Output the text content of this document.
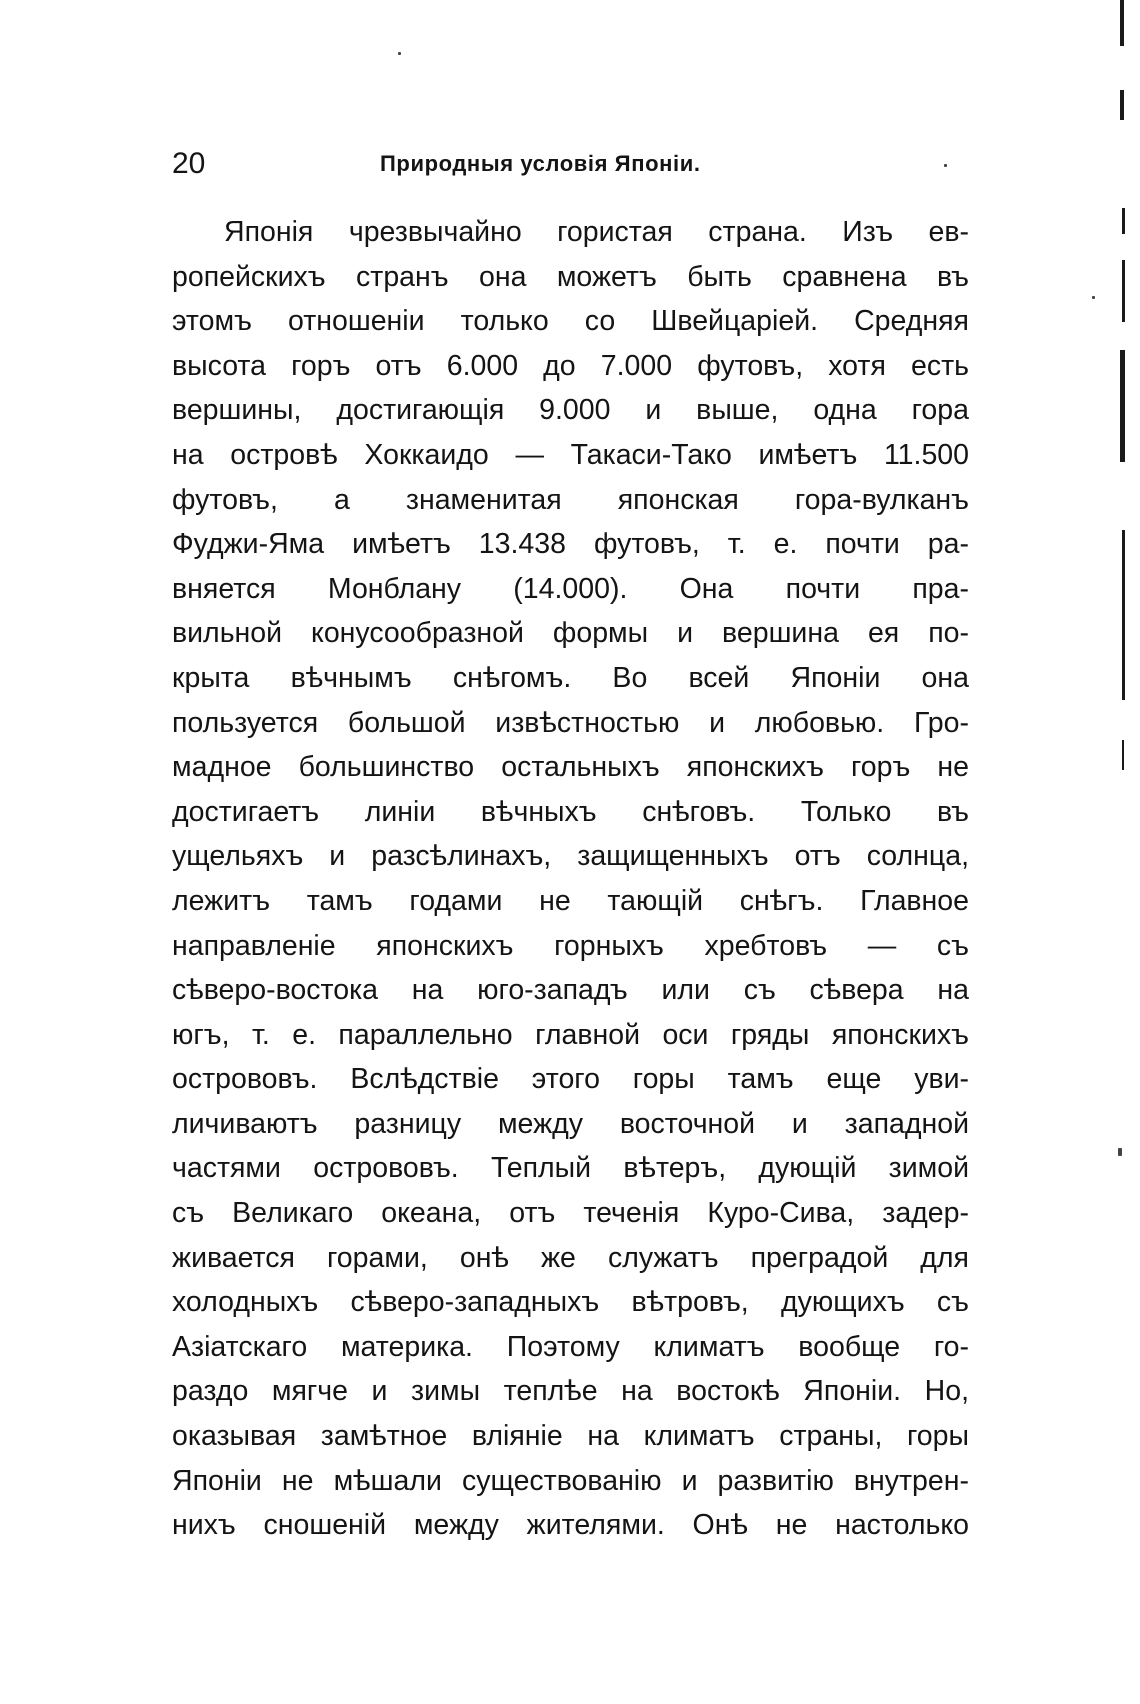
20	Природныя условія Японіи.
Японія чрезвычайно гористая страна. Изъ ев-
ропейскихъ странъ она можетъ быть сравнена въ
этомъ отношеніи только со Швейцаріей. Средняя
высота горъ отъ 6.000 до 7.000 футовъ, хотя есть
вершины, достигающія 9.000 и выше, одна гора
на островѣ Хоккаидо — Такаси-Тако имѣетъ 11.500
футовъ, а знаменитая японская гора-вулканъ
Фуджи-Яма имѣетъ 13.438 футовъ, т. е. почти ра-
вняется Монблану (14.000). Она почти пра-
вильной конусообразной формы и вершина ея по-
крыта вѣчнымъ снѣгомъ. Во всей Японіи она
пользуется большой извѣстностью и любовью. Гро-
мадное большинство остальныхъ японскихъ горъ не
достигаетъ линіи вѣчныхъ снѣговъ. Только въ
ущельяхъ и разсѣлинахъ, защищенныхъ отъ солнца,
лежитъ тамъ годами не тающій снѣгъ. Главное
направленіе японскихъ горныхъ хребтовъ — съ
сѣверо-востока на юго-западъ или съ сѣвера на
югъ, т. е. параллельно главной оси гряды японскихъ
острововъ. Вслѣдствіе этого горы тамъ еще уви-
личиваютъ разницу между восточной и западной
частями острововъ. Теплый вѣтеръ, дующій зимой
съ Великаго океана, отъ теченія Куро-Сива, задер-
живается горами, онѣ же служатъ преградой для
холодныхъ сѣверо-западныхъ вѣтровъ, дующихъ съ
Азіатскаго материка. Поэтому климатъ вообще го-
раздо мягче и зимы теплѣе на востокѣ Японіи. Но,
оказывая замѣтное вліяніе на климатъ страны, горы
Японіи не мѣшали существованію и развитію внутрен-
нихъ сношеній между жителями. Онѣ не настолько
